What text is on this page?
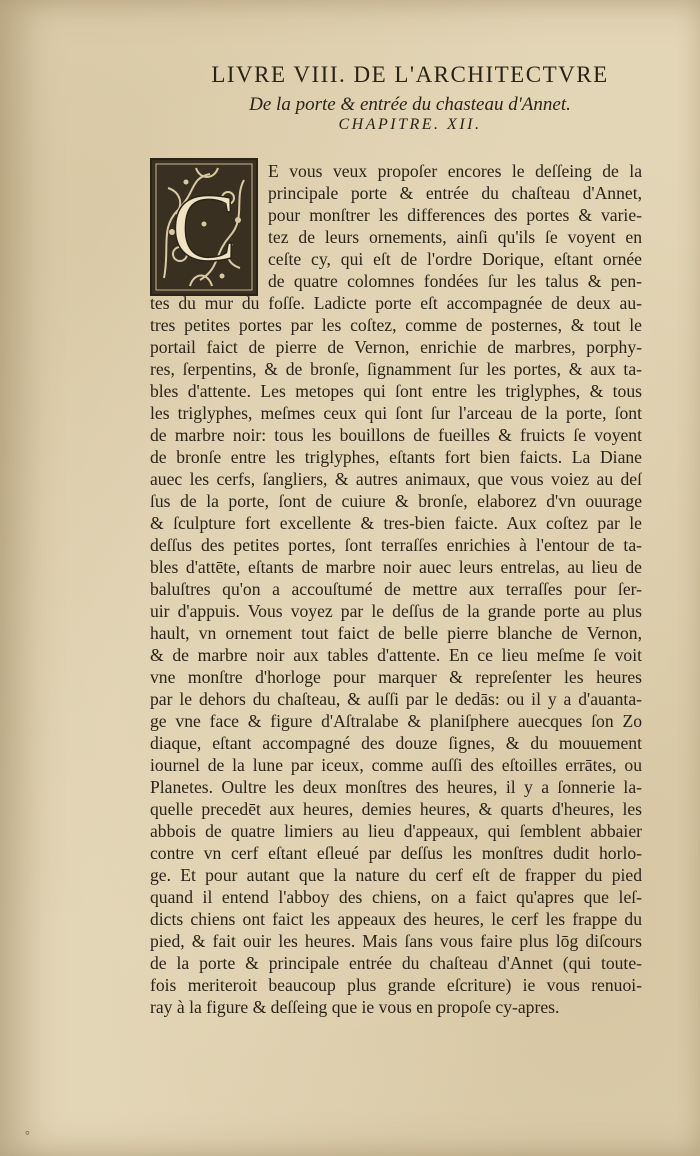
LIVRE VIII. DE L'ARCHITECTVRE
De la porte & entrée du chasteau d'Annet.
CHAPITRE. XII.
C
E vous veux propoſer encores le deſſeing de la
principale porte & entrée du chaſteau d'Annet,
pour monſtrer les differences des portes & varie-
tez de leurs ornements, ainſi qu'ils ſe voyent en
ceſte cy, qui eſt de l'ordre Dorique, eſtant ornée
de quatre colomnes fondées ſur les talus & pen-
tes du mur du foſſe. Ladicte porte eſt accompagnée de deux au-
tres petites portes par les coſtez, comme de posternes, & tout le
portail faict de pierre de Vernon, enrichie de marbres, porphy-
res, ſerpentins, & de bronſe, ſignamment ſur les portes, & aux ta-
bles d'attente. Les metopes qui ſont entre les triglyphes, & tous
les triglyphes, meſmes ceux qui ſont ſur l'arceau de la porte, ſont
de marbre noir: tous les bouillons de fueilles & fruicts ſe voyent
de bronſe entre les triglyphes, eſtants fort bien faicts. La Diane
auec les cerfs, ſangliers, & autres animaux, que vous voiez au deſ
ſus de la porte, ſont de cuiure & bronſe, elaborez d'vn ouurage
& ſculpture fort excellente & tres-bien faicte. Aux coſtez par le
deſſus des petites portes, ſont terraſſes enrichies à l'entour de ta-
bles d'attēte, eſtants de marbre noir auec leurs entrelas, au lieu de
baluſtres qu'on a accouſtumé de mettre aux terraſſes pour ſer-
uir d'appuis. Vous voyez par le deſſus de la grande porte au plus
hault, vn ornement tout faict de belle pierre blanche de Vernon,
& de marbre noir aux tables d'attente. En ce lieu meſme ſe voit
vne monſtre d'horloge pour marquer & repreſenter les heures
par le dehors du chaſteau, & auſſi par le dedās: ou il y a d'auanta-
ge vne face & figure d'Aſtralabe & planiſphere auecques ſon Zo
diaque, eſtant accompagné des douze ſignes, & du mouuement
iournel de la lune par iceux, comme auſſi des eſtoilles errātes, ou
Planetes. Oultre les deux monſtres des heures, il y a ſonnerie la-
quelle precedēt aux heures, demies heures, & quarts d'heures, les
abbois de quatre limiers au lieu d'appeaux, qui ſemblent abbaier
contre vn cerf eſtant eſleué par deſſus les monſtres dudit horlo-
ge. Et pour autant que la nature du cerf eſt de frapper du pied
quand il entend l'abboy des chiens, on a faict qu'apres que leſ-
dicts chiens ont faict les appeaux des heures, le cerf les frappe du
pied, & fait ouir les heures. Mais ſans vous faire plus lōg diſcours
de la porte & principale entrée du chaſteau d'Annet (qui toute-
fois meriteroit beaucoup plus grande eſcriture) ie vous renuoi-
ray à la figure & deſſeing que ie vous en propoſe cy-apres.
°
